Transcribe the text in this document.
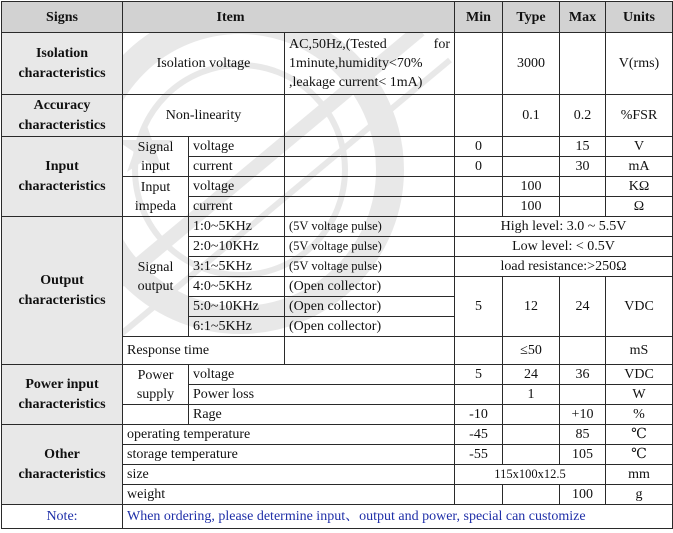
Signs	Item			Min	Type	Max	Units
Isolation characteristics	Isolation voltage		AC,50Hz,(Tested for 1minute,humidity<70% ,leakage current< 1mA)		3000		V(rms)
Accuracy characteristics	Non-linearity				0.1	0.2	%FSR
Input characteristics	Signal input	voltage		0		15	V
		current		0		30	mA
	Input impeda	voltage			100		KΩ
		current			100		Ω
Output characteristics	Signal output	1:0~5KHz	(5V voltage pulse)	High level: 3.0 ~ 5.5V			
		2:0~10KHz	(5V voltage pulse)	Low level: < 0.5V			
		3:1~5KHz	(5V voltage pulse)	load resistance:>250Ω			
		4:0~5KHz	(Open collector)	5	12	24	VDC
		5:0~10KHz	(Open collector)				
		6:1~5KHz	(Open collector)				
	Response time				≤50		mS
Power input characteristics	Power supply	voltage		5	24	36	VDC
		Power loss			1		W
		Rage		-10		+10	%
Other characteristics	operating temperature			-45		85	℃
	storage temperature			-55		105	℃
	size			115x100x12.5			mm
	weight					100	g
Note:	When ordering, please determine input、output and power, special can customize						
